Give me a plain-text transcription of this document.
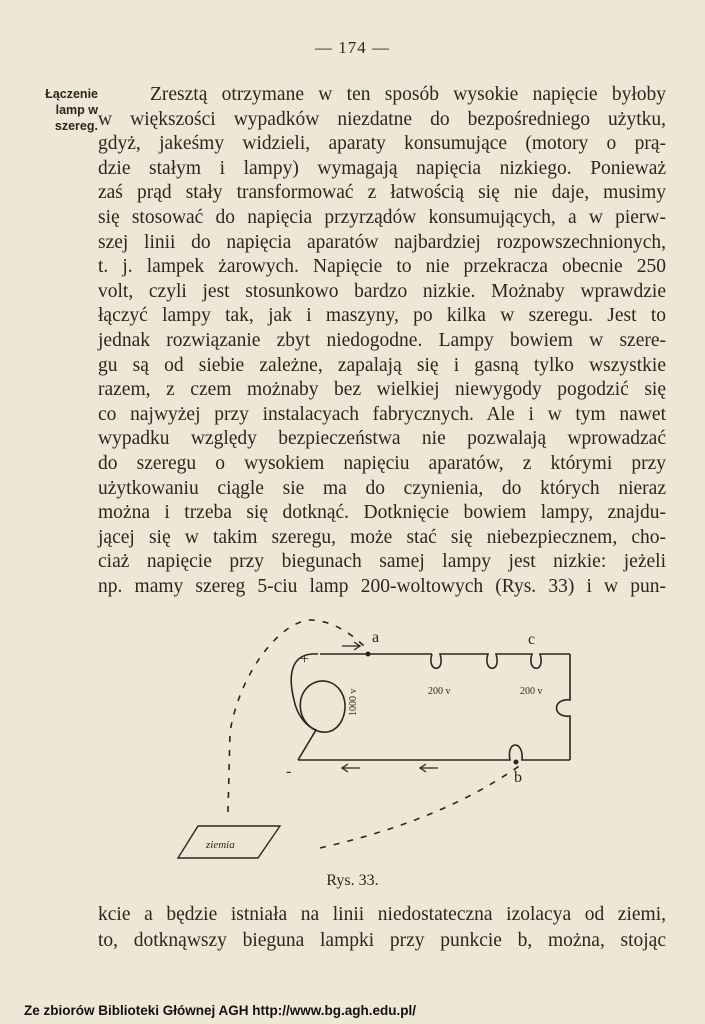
— 174 —
Łączenie
lamp w
szereg.
Zresztą otrzymane w ten sposób wysokie napięcie byłoby
w większości wypadków niezdatne do bezpośredniego użytku,
gdyż, jakeśmy widzieli, aparaty konsumujące (motory o prą-
dzie stałym i lampy) wymagają napięcia nizkiego. Ponieważ
zaś prąd stały transformować z łatwością się nie daje, musimy
się stosować do napięcia przyrządów konsumujących, a w pierw-
szej linii do napięcia aparatów najbardziej rozpowszechnionych,
t. j. lampek żarowych. Napięcie to nie przekracza obecnie 250
volt, czyli jest stosunkowo bardzo nizkie. Możnaby wprawdzie
łączyć lampy tak, jak i maszyny, po kilka w szeregu. Jest to
jednak rozwiązanie zbyt niedogodne. Lampy bowiem w szere-
gu są od siebie zależne, zapalają się i gasną tylko wszystkie
razem, z czem możnaby bez wielkiej niewygody pogodzić się
co najwyżej przy instalacyach fabrycznych. Ale i w tym nawet
wypadku względy bezpieczeństwa nie pozwalają wprowadzać
do szeregu o wysokiem napięciu aparatów, z którymi przy
użytkowaniu ciągle sie ma do czynienia, do których nieraz
można i trzeba się dotknąć. Dotknięcie bowiem lampy, znajdu-
jącej się w takim szeregu, może stać się niebezpiecznem, cho-
ciaż napięcie przy biegunach samej lampy jest nizkie: jeżeli
np. mamy szereg 5-ciu lamp 200-woltowych (Rys. 33) i w pun-
a	c
b
+
-
1000 v	200 v	200 v
ziemia
Rys. 33.
kcie a będzie istniała na linii niedostateczna izolacya od ziemi,
to, dotknąwszy bieguna lampki przy punkcie b, można, stojąc
Ze zbiorów Biblioteki Głównej AGH http://www.bg.agh.edu.pl/
